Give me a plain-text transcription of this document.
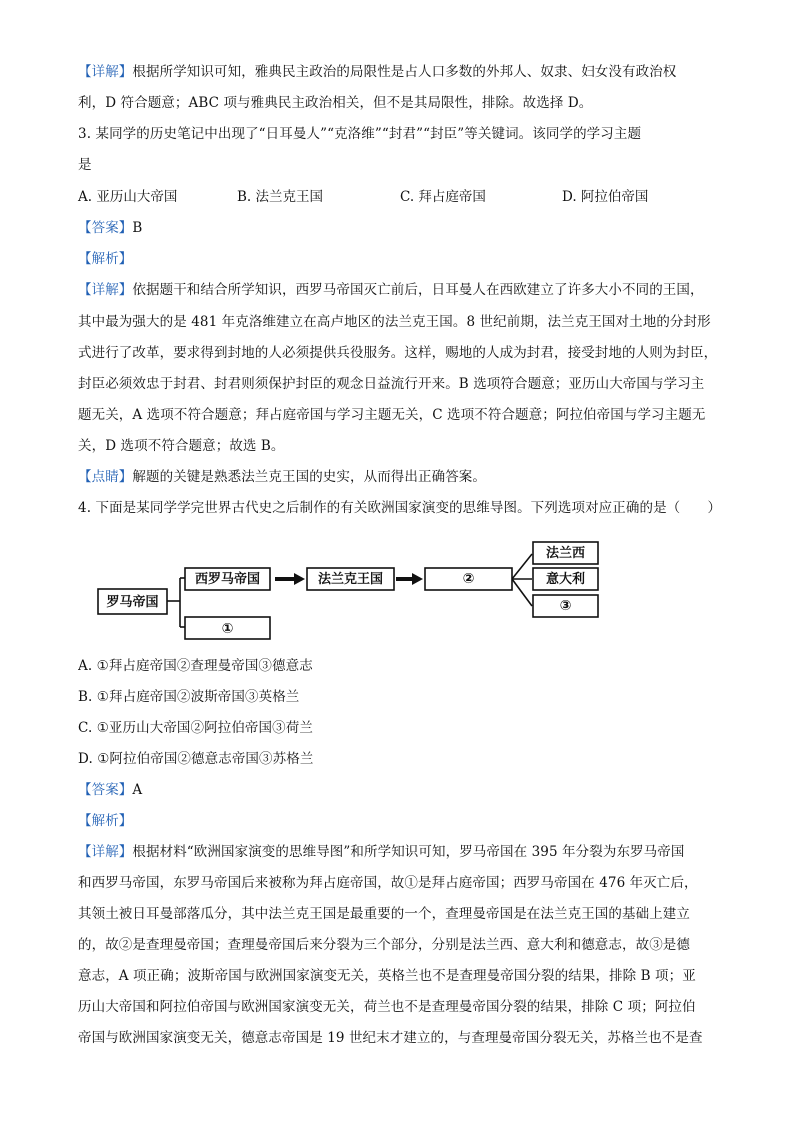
【详解】根据所学知识可知，雅典民主政治的局限性是占人口多数的外邦人、奴隶、妇女没有政治权
利，D 符合题意；ABC 项与雅典民主政治相关，但不是其局限性，排除。故选择 D。
3. 某同学的历史笔记中出现了“日耳曼人”“克洛维”“封君”“封臣”等关键词。该同学的学习主题
是
A. 亚历山大帝国	B. 法兰克王国	C. 拜占庭帝国	D. 阿拉伯帝国
【答案】B
【解析】
【详解】依据题干和结合所学知识，西罗马帝国灭亡前后，日耳曼人在西欧建立了许多大小不同的王国，
其中最为强大的是 481 年克洛维建立在高卢地区的法兰克王国。8 世纪前期，法兰克王国对土地的分封形
式进行了改革，要求得到封地的人必须提供兵役服务。这样，赐地的人成为封君，接受封地的人则为封臣，
封臣必须效忠于封君、封君则须保护封臣的观念日益流行开来。B 选项符合题意；亚历山大帝国与学习主
题无关，A 选项不符合题意；拜占庭帝国与学习主题无关，C 选项不符合题意；阿拉伯帝国与学习主题无
关，D 选项不符合题意；故选 B。
【点睛】解题的关键是熟悉法兰克王国的史实，从而得出正确答案。
4. 下面是某同学学完世界古代史之后制作的有关欧洲国家演变的思维导图。下列选项对应正确的是（　　）
罗马帝国
西罗马帝国
①
法兰克王国	②
法兰西
意大利
③
A. ①拜占庭帝国②查理曼帝国③德意志
B. ①拜占庭帝国②波斯帝国③英格兰
C. ①亚历山大帝国②阿拉伯帝国③荷兰
D. ①阿拉伯帝国②德意志帝国③苏格兰
【答案】A
【解析】
【详解】根据材料“欧洲国家演变的思维导图”和所学知识可知，罗马帝国在 395 年分裂为东罗马帝国
和西罗马帝国，东罗马帝国后来被称为拜占庭帝国，故①是拜占庭帝国；西罗马帝国在 476 年灭亡后，
其领土被日耳曼部落瓜分，其中法兰克王国是最重要的一个，查理曼帝国是在法兰克王国的基础上建立
的，故②是查理曼帝国；查理曼帝国后来分裂为三个部分，分别是法兰西、意大利和德意志，故③是德
意志，A 项正确；波斯帝国与欧洲国家演变无关，英格兰也不是查理曼帝国分裂的结果，排除 B 项；亚
历山大帝国和阿拉伯帝国与欧洲国家演变无关，荷兰也不是查理曼帝国分裂的结果，排除 C 项；阿拉伯
帝国与欧洲国家演变无关，德意志帝国是 19 世纪末才建立的，与查理曼帝国分裂无关，苏格兰也不是查
